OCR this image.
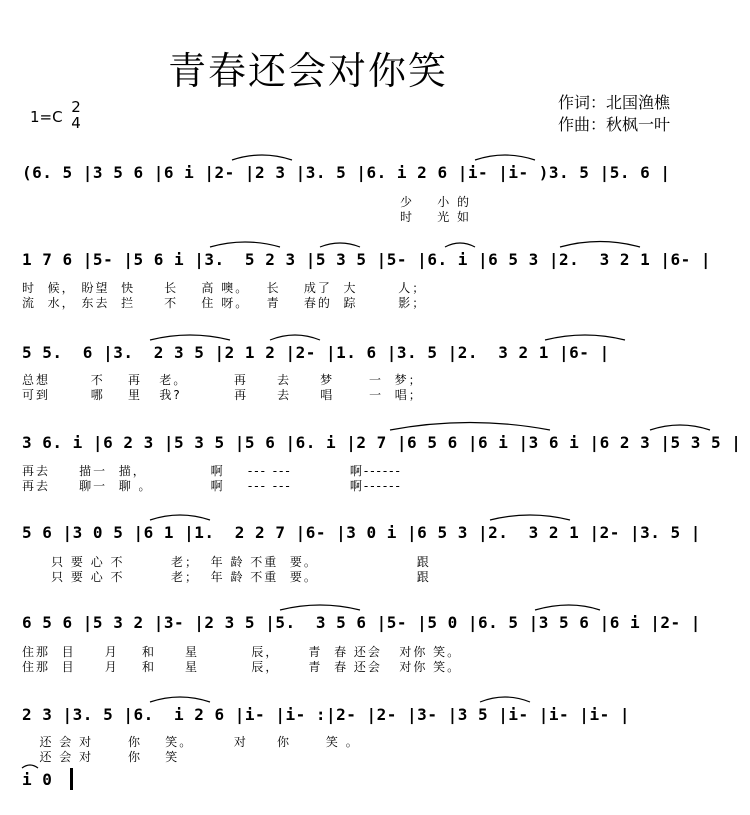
青春还会对你笑
1=C
2
4
作词：北国渔樵
作曲：秋枫一叶
(6. 5 |3 5 6 |6 i |2- |2 3 |3. 5 |6. i 2 6 |i- |i- )3. 5 |5. 6 |
少    小 的
时    光 如
1 7 6 |5- |5 6 i |3.  5 2 3 |5 3 5 |5- |6. i |6 5 3 |2.  3 2 1 |6- |
时  候， 盼望  快     长    高 噢。   长    成了  大       人；
流  水， 东去  拦     不    住 呀。   青    春的  踪       影；
5 5.  6 |3.  2 3 5 |2 1 2 |2- |1. 6 |3. 5 |2.  3 2 1 |6- |
总想       不    再   老。        再     去     梦      一  梦；
可到       哪    里   我?         再     去     唱      一  唱；
3 6. i |6 2 3 |5 3 5 |5 6 |6. i |2 7 |6 5 6 |6 i |3 6 i |6 2 3 |5 3 5 |
再去     描一  描，           啊    --- ---          啊------
再去     聊一  聊 。          啊    --- ---          啊------
5 6 |3 0 5 |6 1 |1.  2 2 7 |6- |3 0 i |6 5 3 |2.  3 2 1 |2- |3. 5 |
只 要 心 不        老；  年 龄 不重  要。                 跟
只 要 心 不        老；  年 龄 不重  要。                 跟
6 5 6 |5 3 2 |3- |2 3 5 |5.  3 5 6 |5- |5 0 |6. 5 |3 5 6 |6 i |2- |
住那  目     月    和     星         辰，     青  春 还会   对你 笑。
住那  目     月    和     星         辰，     青  春 还会   对你 笑。
2 3 |3. 5 |6.  i 2 6 |i- |i- :|2- |2- |3- |3 5 |i- |i- |i- |
还 会 对      你    笑。       对     你      笑 。
还 会 对      你    笑
i 0
